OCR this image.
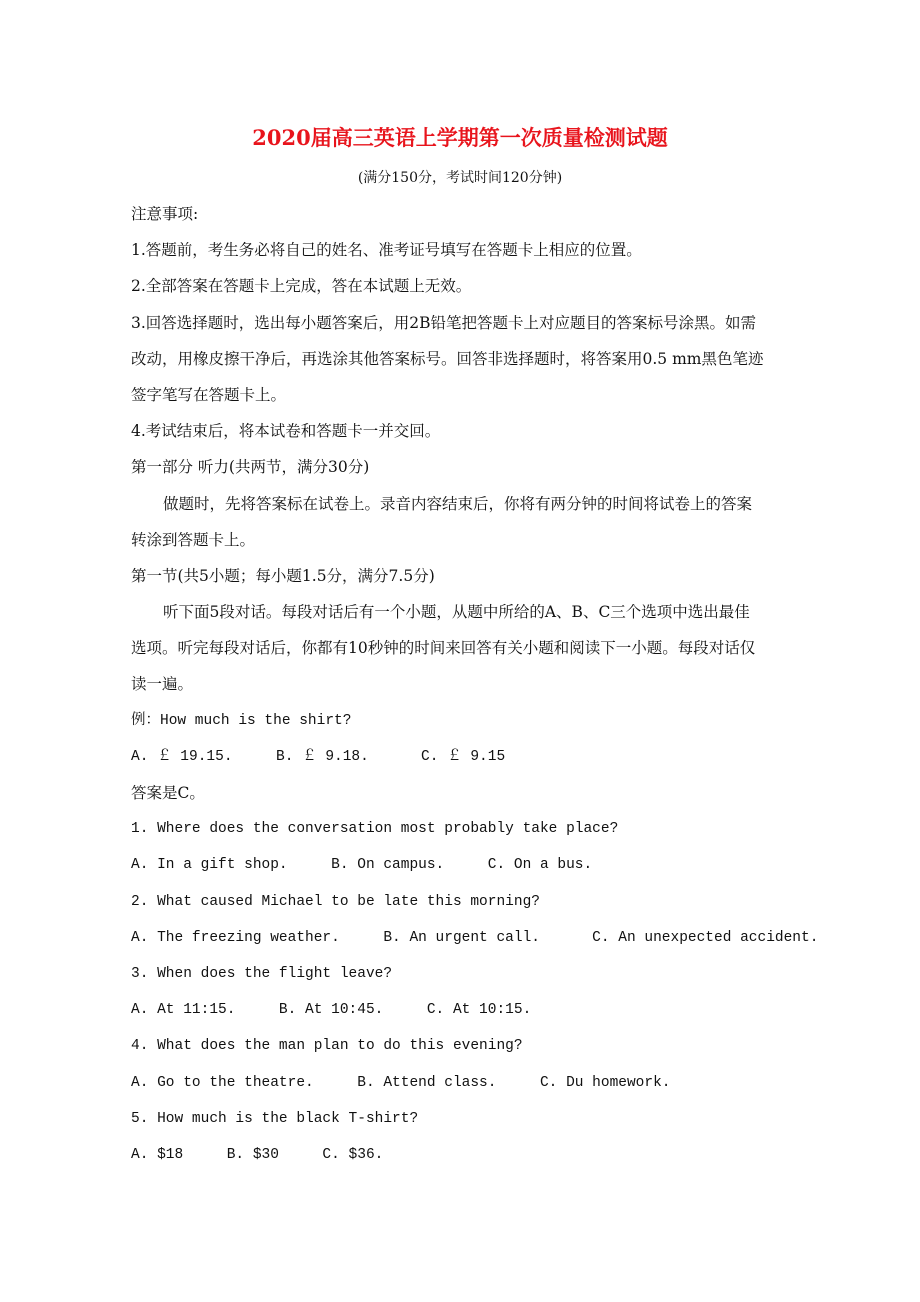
2020届高三英语上学期第一次质量检测试题
(满分150分，考试时间120分钟)
注意事项:
1.答题前，考生务必将自己的姓名、准考证号填写在答题卡上相应的位置。
2.全部答案在答题卡上完成，答在本试题上无效。
3.回答选择题时，选出每小题答案后，用2B铅笔把答题卡上对应题目的答案标号涂黑。如需
改动，用橡皮擦干净后，再选涂其他答案标号。回答非选择题时，将答案用0.5 mm黑色笔迹
签字笔写在答题卡上。
4.考试结束后，将本试卷和答题卡一并交回。
第一部分 听力(共两节，满分30分)
做题时，先将答案标在试卷上。录音内容结束后，你将有两分钟的时间将试卷上的答案
转涂到答题卡上。
第一节(共5小题；每小题1.5分，满分7.5分)
听下面5段对话。每段对话后有一个小题，从题中所给的A、B、C三个选项中选出最佳
选项。听完每段对话后，你都有10秒钟的时间来回答有关小题和阅读下一小题。每段对话仅
读一遍。
例：How much is the shirt?
A. ￡ 19.15.     B. ￡ 9.18.      C. ￡ 9.15
答案是C。
1. Where does the conversation most probably take place?
A. In a gift shop.     B. On campus.     C. On a bus.
2. What caused Michael to be late this morning?
A. The freezing weather.     B. An urgent call.      C. An unexpected accident.
3. When does the flight leave?
A. At 11:15.     B. At 10:45.     C. At 10:15.
4. What does the man plan to do this evening?
A. Go to the theatre.     B. Attend class.     C. Du homework.
5. How much is the black T-shirt?
A. $18     B. $30     C. $36.
